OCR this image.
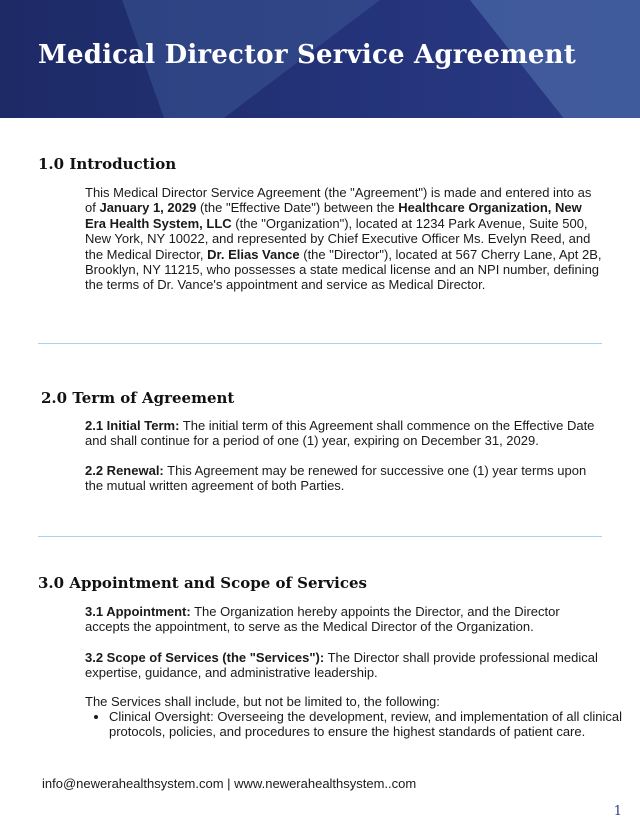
Medical Director Service Agreement
1.0 Introduction

This Medical Director Service Agreement (the "Agreement") is made and entered into as of January 1, 2029 (the "Effective Date") between the Healthcare Organization, New Era Health System, LLC (the "Organization"), located at 1234 Park Avenue, Suite 500, New York, NY 10022, and represented by Chief Executive Officer Ms. Evelyn Reed, and the Medical Director, Dr. Elias Vance (the "Director"), located at 567 Cherry Lane, Apt 2B, Brooklyn, NY 11215, who possesses a state medical license and an NPI number, defining the terms of Dr. Vance's appointment and service as Medical Director.

2.0 Term of Agreement

2.1 Initial Term: The initial term of this Agreement shall commence on the Effective Date and shall continue for a period of one (1) year, expiring on December 31, 2029.

2.2 Renewal: This Agreement may be renewed for successive one (1) year terms upon the mutual written agreement of both Parties.

3.0 Appointment and Scope of Services

3.1 Appointment: The Organization hereby appoints the Director, and the Director accepts the appointment, to serve as the Medical Director of the Organization.

3.2 Scope of Services (the "Services"): The Director shall provide professional medical expertise, guidance, and administrative leadership.

The Services shall include, but not be limited to, the following:

• Clinical Oversight: Overseeing the development, review, and implementation of all clinical protocols, policies, and procedures to ensure the highest standards of patient care.
info@newerahealthsystem.com | www.newerahealthsystem..com
1
